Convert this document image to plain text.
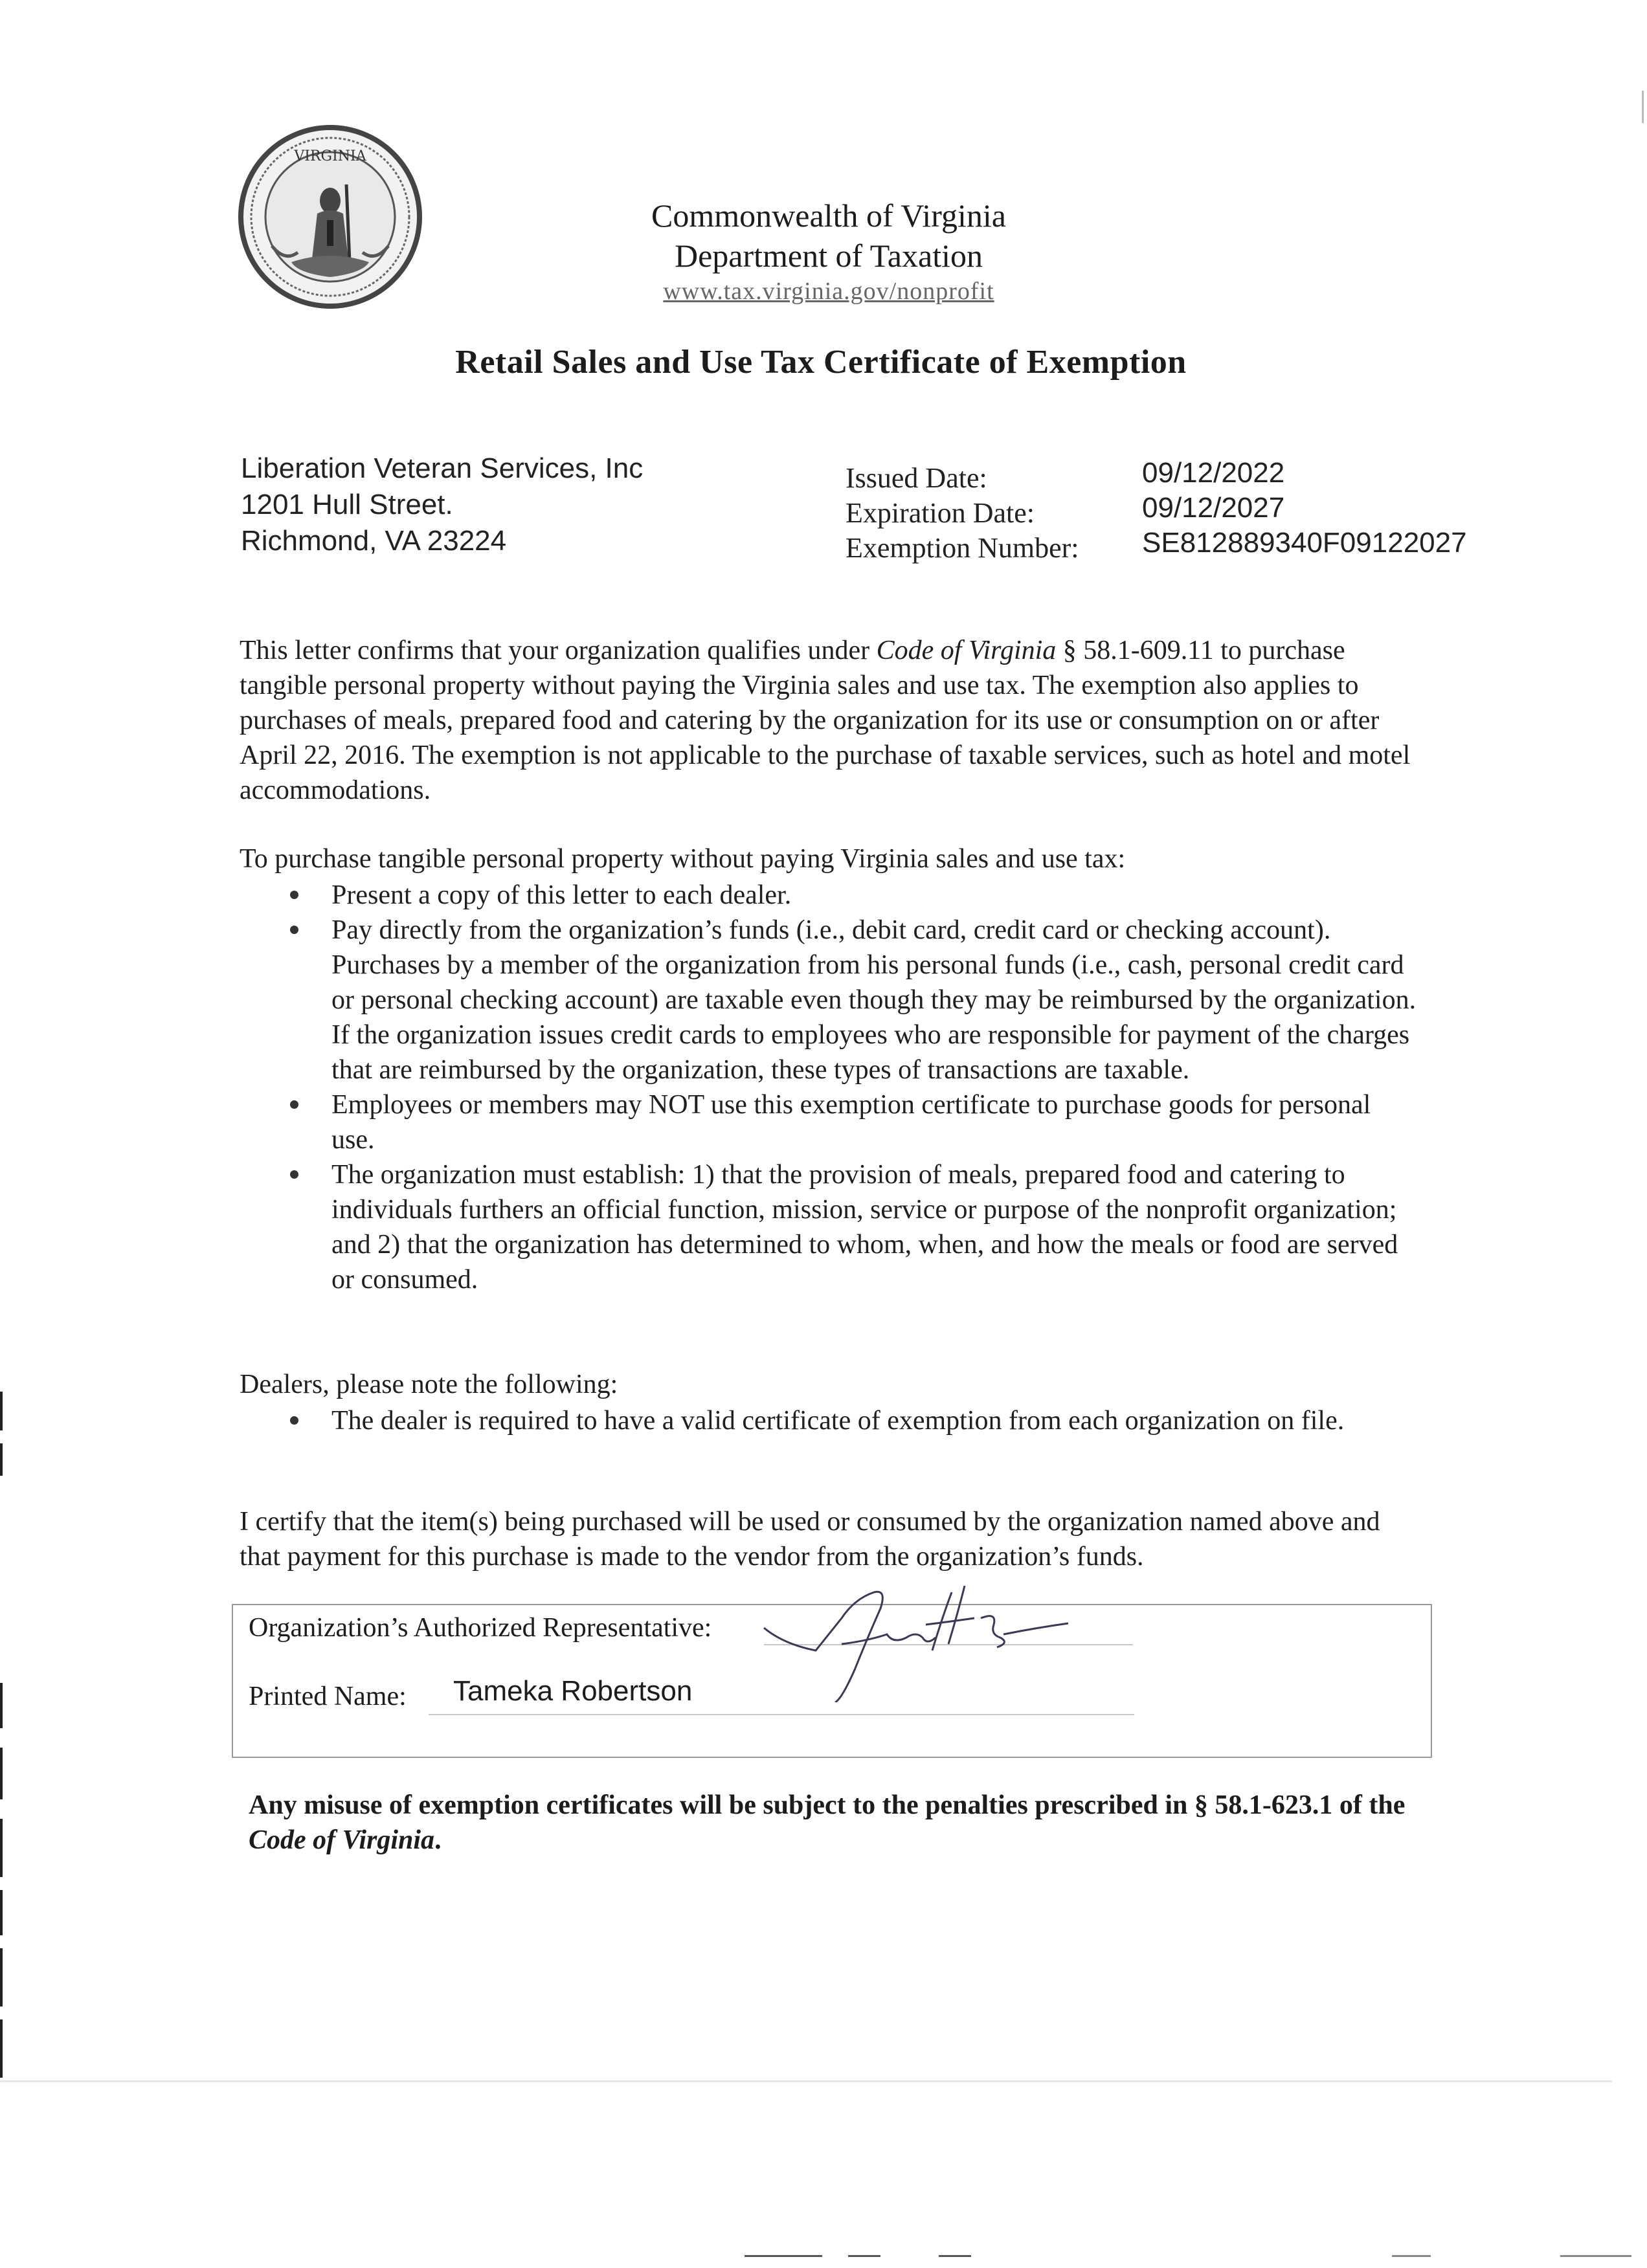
VIRGINIA
Commonwealth of Virginia
Department of Taxation
www.tax.virginia.gov/nonprofit
Retail Sales and Use Tax Certificate of Exemption
Liberation Veteran Services, Inc
1201 Hull Street.
Richmond, VA 23224
Issued Date:
Expiration Date:
Exemption Number:
09/12/2022
09/12/2027
SE812889340F09122027
This letter confirms that your organization qualifies under Code of Virginia § 58.1-609.11 to purchase tangible personal property without paying the Virginia sales and use tax. The exemption also applies to purchases of meals, prepared food and catering by the organization for its use or consumption on or after April 22, 2016. The exemption is not applicable to the purchase of taxable services, such as hotel and motel accommodations.
To purchase tangible personal property without paying Virginia sales and use tax:
Present a copy of this letter to each dealer.
Pay directly from the organization’s funds (i.e., debit card, credit card or checking account). Purchases by a member of the organization from his personal funds (i.e., cash, personal credit card or personal checking account) are taxable even though they may be reimbursed by the organization. If the organization issues credit cards to employees who are responsible for payment of the charges that are reimbursed by the organization, these types of transactions are taxable.
Employees or members may NOT use this exemption certificate to purchase goods for personal use.
The organization must establish: 1) that the provision of meals, prepared food and catering to individuals furthers an official function, mission, service or purpose of the nonprofit organization; and 2) that the organization has determined to whom, when, and how the meals or food are served or consumed.
Dealers, please note the following:
The dealer is required to have a valid certificate of exemption from each organization on file.
I certify that the item(s) being purchased will be used or consumed by the organization named above and that payment for this purchase is made to the vendor from the organization’s funds.
Organization’s Authorized Representative:
Printed Name: Tameka Robertson
Any misuse of exemption certificates will be subject to the penalties prescribed in § 58.1-623.1 of the Code of Virginia.
